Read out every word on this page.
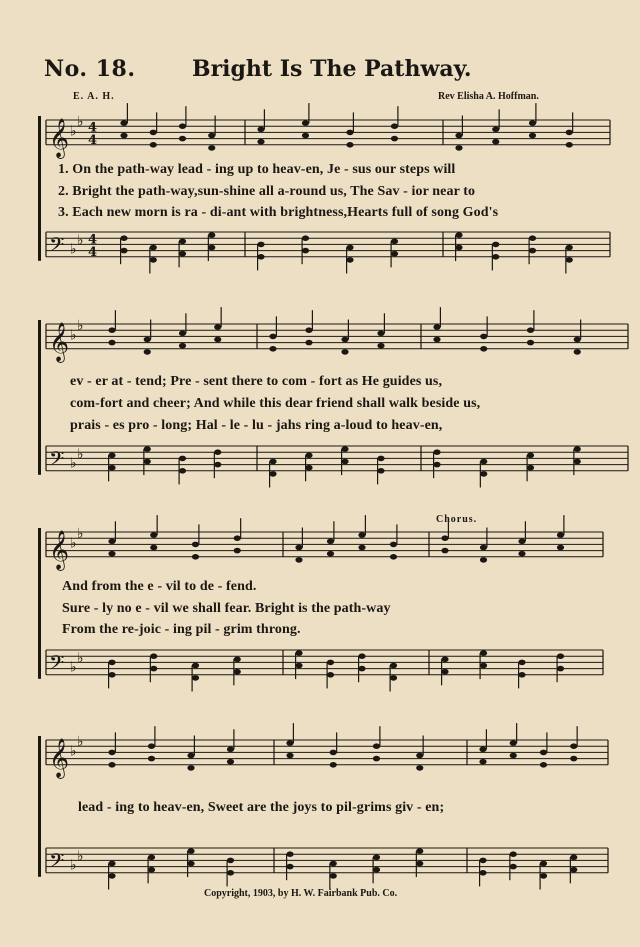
No. 18.	Bright Is The Pathway.
E. A. H.	Rev Elisha A. Hoffman.
𝄞 ♭
♭ 4
4
𝄢 ♭
♭ 4
4
𝄞 ♭
♭
𝄢 ♭
♭
𝄞 ♭
♭
𝄢 ♭
♭
𝄞 ♭
♭
𝄢 ♭
♭
1. On the path-way lead - ing up to heav-en, Je - sus our steps will
2. Bright the path-way,sun-shine all a-round us, The Sav - ior near to
3. Each new morn is ra - di-ant with brightness,Hearts full of song God's
ev - er at - tend; Pre - sent there to com - fort as He guides us,
com-fort and cheer; And while this dear friend shall walk beside us,
prais - es pro - long; Hal - le - lu - jahs ring a-loud to heav-en,
Chorus.
And from the e - vil to de - fend.
Sure - ly no e - vil we shall fear. Bright is the path-way
From the re-joic - ing pil - grim throng.
lead - ing to heav-en, Sweet are the joys to pil-grims giv - en;
Copyright, 1903, by H. W. Fairbank Pub. Co.
